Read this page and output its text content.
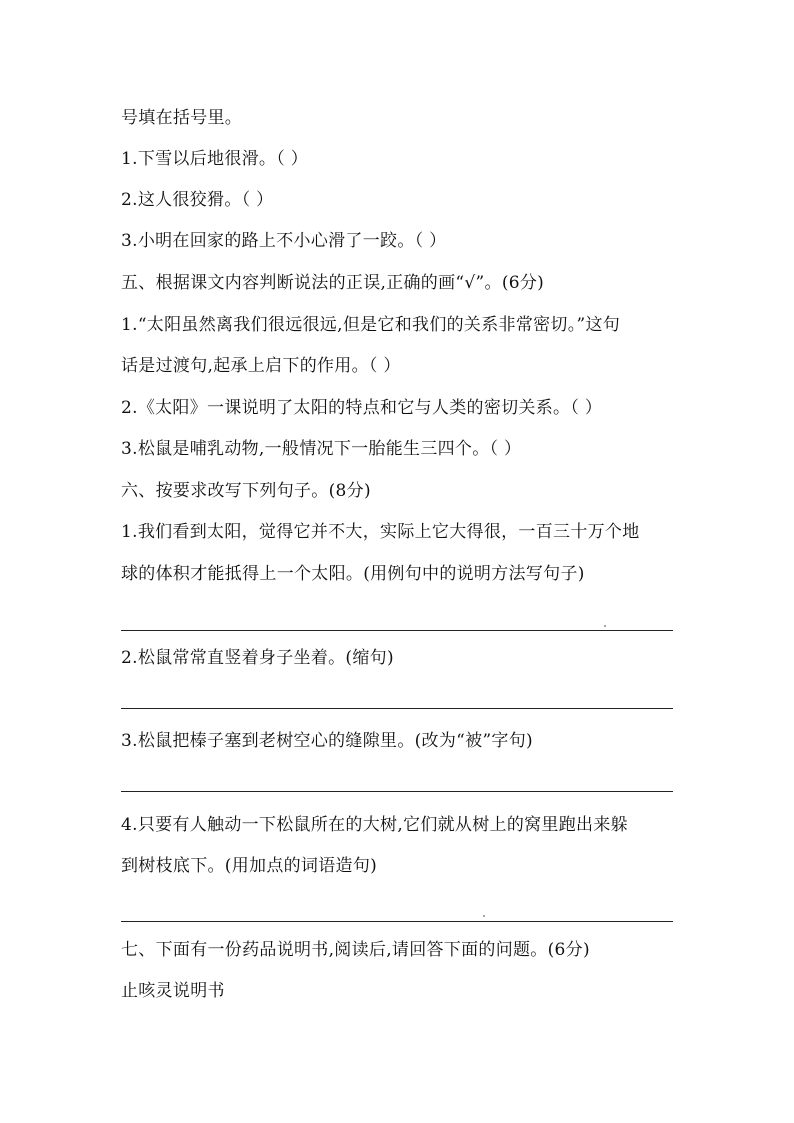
号填在括号里。
1.下雪以后地很滑。（ ）
2.这人很狡猾。（ ）
3.小明在回家的路上不小心滑了一跤。（ ）
五、根据课文内容判断说法的正误,正确的画“√”。(6分)
1.“太阳虽然离我们很远很远,但是它和我们的关系非常密切。”这句
话是过渡句,起承上启下的作用。（ ）
2.《太阳》一课说明了太阳的特点和它与人类的密切关系。（ ）
3.松鼠是哺乳动物,一般情况下一胎能生三四个。（ ）
六、按要求改写下列句子。(8分)
1.我们看到太阳，觉得它并不大，实际上它大得很，一百三十万个地
球的体积才能抵得上一个太阳。(用例句中的说明方法写句子)
2.松鼠常常直竖着身子坐着。(缩句)
3.松鼠把榛子塞到老树空心的缝隙里。(改为“被”字句)
4.只要有人触动一下松鼠所在的大树,它们就从树上的窝里跑出来躲
到树枝底下。(用加点的词语造句)
七、下面有一份药品说明书,阅读后,请回答下面的问题。(6分)
止咳灵说明书
